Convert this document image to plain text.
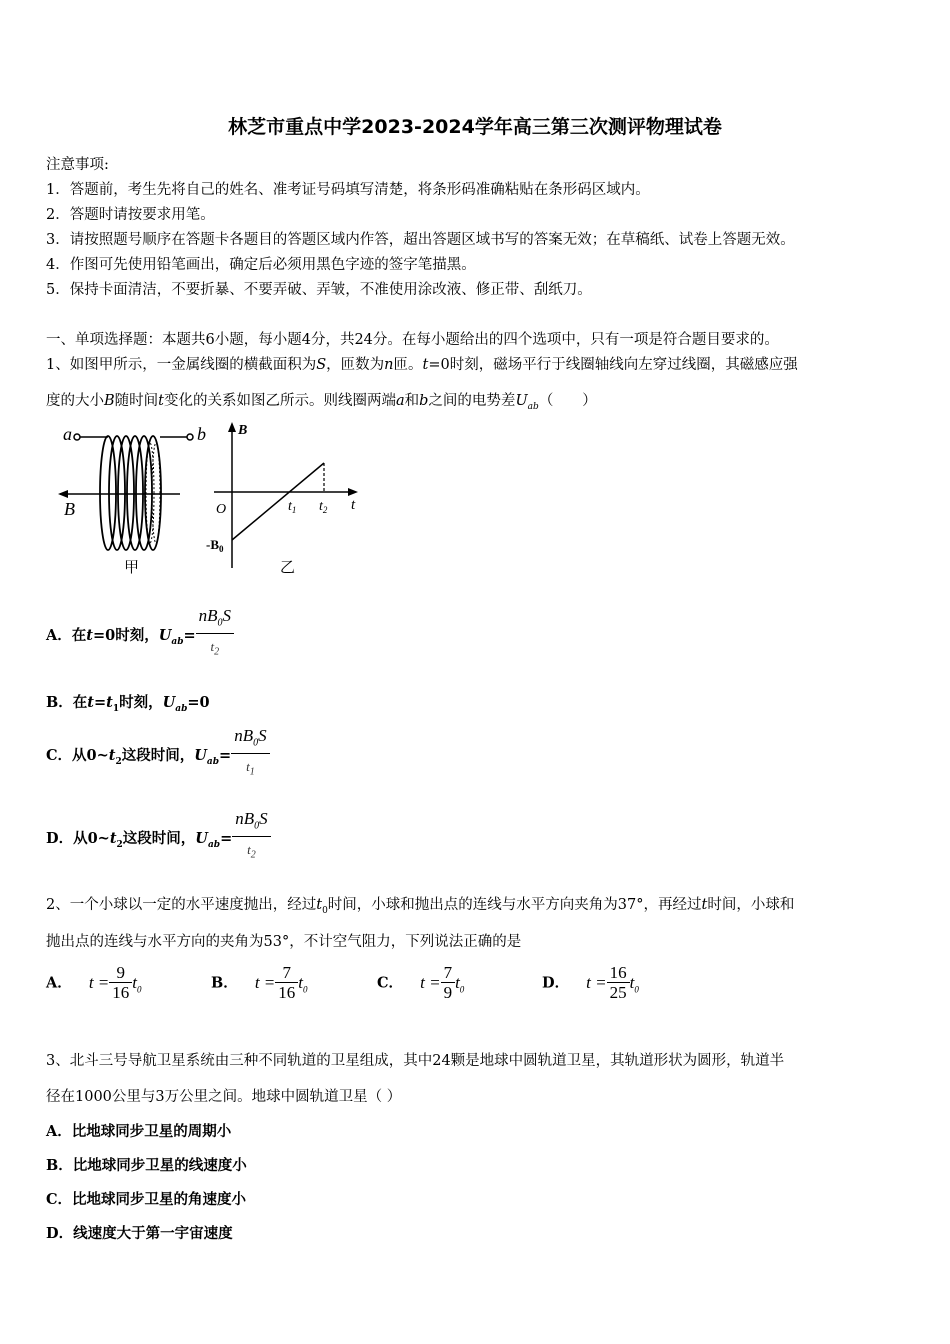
林芝市重点中学2023-2024学年高三第三次测评物理试卷
注意事项:
1．答题前，考生先将自己的姓名、准考证号码填写清楚，将条形码准确粘贴在条形码区域内。
2．答题时请按要求用笔。
3．请按照题号顺序在答题卡各题目的答题区域内作答，超出答题区域书写的答案无效；在草稿纸、试卷上答题无效。
4．作图可先使用铅笔画出，确定后必须用黑色字迹的签字笔描黑。
5．保持卡面清洁，不要折暴、不要弄破、弄皱，不准使用涂改液、修正带、刮纸刀。
一、单项选择题：本题共6小题，每小题4分，共24分。在每小题给出的四个选项中，只有一项是符合题目要求的。
1、如图甲所示，一金属线圈的横截面积为S，匝数为n匝。t=0时刻，磁场平行于线圈轴线向左穿过线圈，其磁感应强
度的大小B随时间t变化的关系如图乙所示。则线圈两端a和b之间的电势差$U_{ab}$（　　）
a	b
B
甲
B
t
O	$t_1$ $t_2$
$-B_0$
乙
A．在t=0时刻，$U_{ab}= \frac{nB_0S}{t_2}$
B．在$t=t_1$时刻，$U_{ab}=0$
C．从$0\sim t_2$这段时间，$U_{ab}= \frac{nB_0S}{t_1}$
D．从$0\sim t_2$这段时间，$U_{ab}= \frac{nB_0S}{t_2}$
2、一个小球以一定的水平速度抛出，经过$t_0$时间，小球和抛出点的连线与水平方向夹角为37°，再经过t时间，小球和
抛出点的连线与水平方向的夹角为53°，不计空气阻力，下列说法正确的是
A． $t = \frac{9}{16} t_0$	B． $t = \frac{7}{16} t_0$	C． $t = \frac{7}{9} t_0$	D． $t = \frac{16}{25} t_0$
3、北斗三号导航卫星系统由三种不同轨道的卫星组成，其中24颗是地球中圆轨道卫星，其轨道形状为圆形，轨道半
径在1000公里与3万公里之间。地球中圆轨道卫星（ ）
A．比地球同步卫星的周期小
B．比地球同步卫星的线速度小
C．比地球同步卫星的角速度小
D．线速度大于第一宇宙速度
